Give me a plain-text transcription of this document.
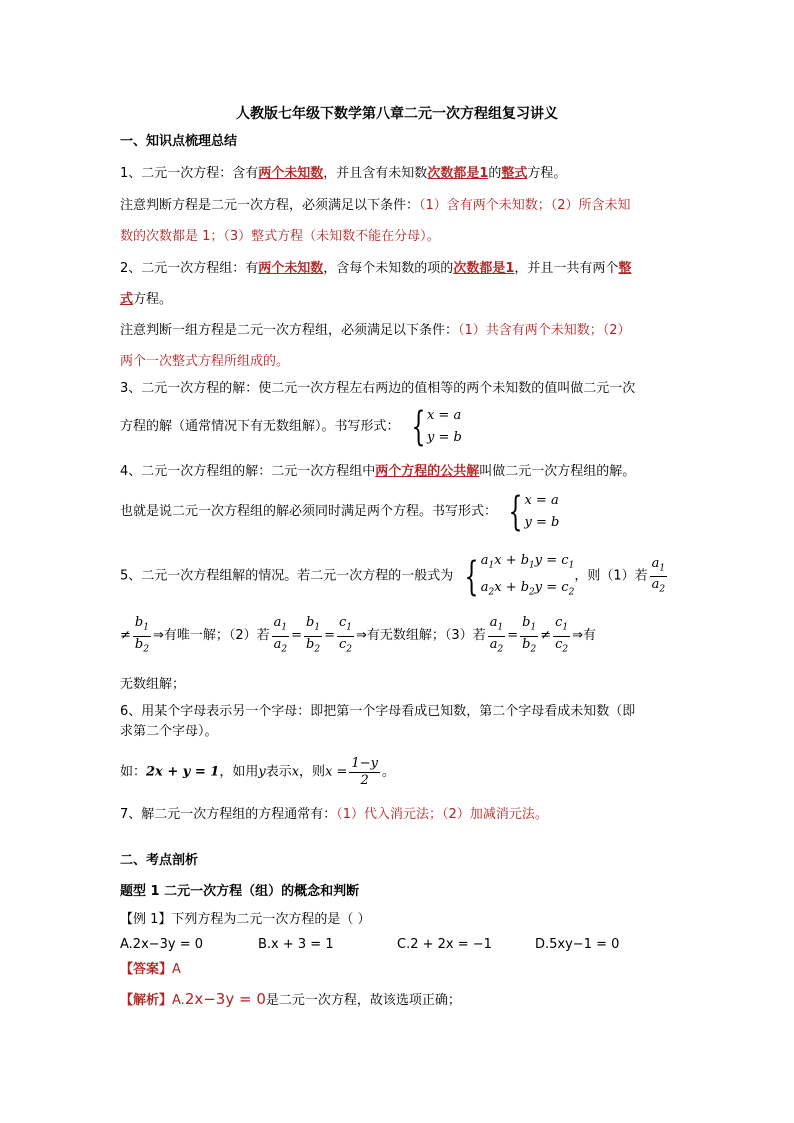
人教版七年级下数学第八章二元一次方程组复习讲义
一、知识点梳理总结
1、二元一次方程：含有两个未知数，并且含有未知数次数都是1的整式方程。
注意判断方程是二元一次方程，必须满足以下条件：（1）含有两个未知数；（2）所含未知
数的次数都是 1；（3）整式方程（未知数不能在分母）。
2、二元一次方程组：有两个未知数，含每个未知数的项的次数都是1，并且一共有两个整
式方程。
注意判断一组方程是二元一次方程组，必须满足以下条件：（1）共含有两个未知数；（2）
两个一次整式方程所组成的。
3、二元一次方程的解：使二元一次方程左右两边的值相等的两个未知数的值叫做二元一次
方程的解（通常情况下有无数组解）。书写形式： { x = a
y = b
4、二元一次方程组的解：二元一次方程组中两个方程的公共解叫做二元一次方程组的解。
也就是说二元一次方程组的解必须同时满足两个方程。书写形式： { x = a
y = b
5、二元一次方程组解的情况。若二元一次方程的一般式为 { $a_1x + b_1y = c_1$
$a_2x + b_2y = c_2$
，则（1）若 $\frac{a_1}{a_2}$
≠ $\frac{b_1}{b_2}$ ⇒有唯一解；（2）若 $\frac{a_1}{a_2} = \frac{b_1}{b_2} = \frac{c_1}{c_2}$ ⇒有无数组解；（3）若 $\frac{a_1}{a_2} = \frac{b_1}{b_2} \ne \frac{c_1}{c_2}$ ⇒有
无数组解；
6、用某个字母表示另一个字母：即把第一个字母看成已知数，第二个字母看成未知数（即
求第二个字母）。
如：2x + y = 1，如用y表示x，则$x = \frac{1-y}{2}$ 。
7、解二元一次方程组的方程通常有：（1）代入消元法；（2）加减消元法。
二、考点剖析
题型 1 二元一次方程（组）的概念和判断
【例 1】下列方程为二元一次方程的是（ ）
A.2x−3y = 0	B.x + 3 = 1	C.2 + 2x = −1	D.5xy−1 = 0
【答案】A
【解析】A.2x−3y = 0是二元一次方程，故该选项正确；
